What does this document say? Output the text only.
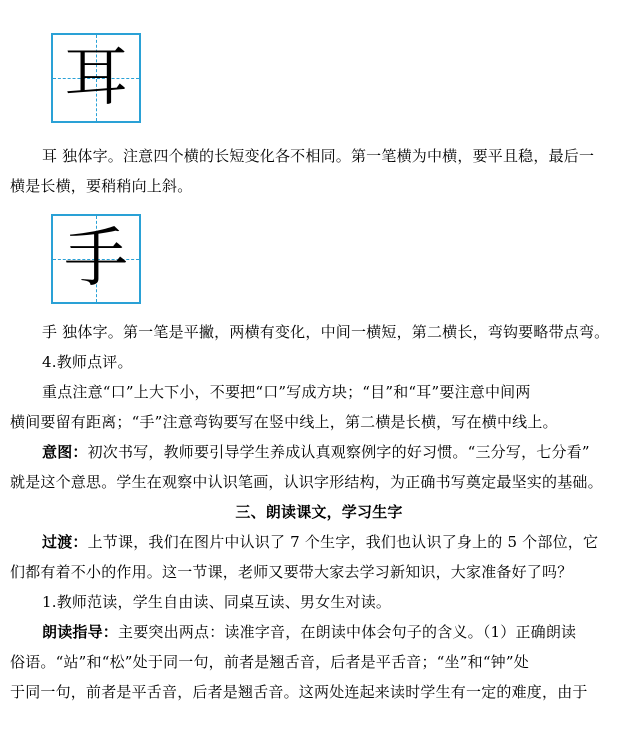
耳
耳 独体字。注意四个横的长短变化各不相同。第一笔横为中横，要平且稳，最后一
横是长横，要稍稍向上斜。
手
手 独体字。第一笔是平撇，两横有变化，中间一横短，第二横长，弯钩要略带点弯。
4.教师点评。
重点注意“口”上大下小，不要把“口”写成方块；“目”和“耳”要注意中间两
横间要留有距离；“手”注意弯钩要写在竖中线上，第二横是长横，写在横中线上。
意图：初次书写，教师要引导学生养成认真观察例字的好习惯。“三分写，七分看”
就是这个意思。学生在观察中认识笔画，认识字形结构，为正确书写奠定最坚实的基础。
三、朗读课文，学习生字
过渡：上节课，我们在图片中认识了 7 个生字，我们也认识了身上的 5 个部位，它
们都有着不小的作用。这一节课，老师又要带大家去学习新知识，大家准备好了吗？
1.教师范读，学生自由读、同桌互读、男女生对读。
朗读指导：主要突出两点：读准字音，在朗读中体会句子的含义。（1）正确朗读
俗语。“站”和“松”处于同一句，前者是翘舌音，后者是平舌音；“坐”和“钟”处
于同一句，前者是平舌音，后者是翘舌音。这两处连起来读时学生有一定的难度，由于
